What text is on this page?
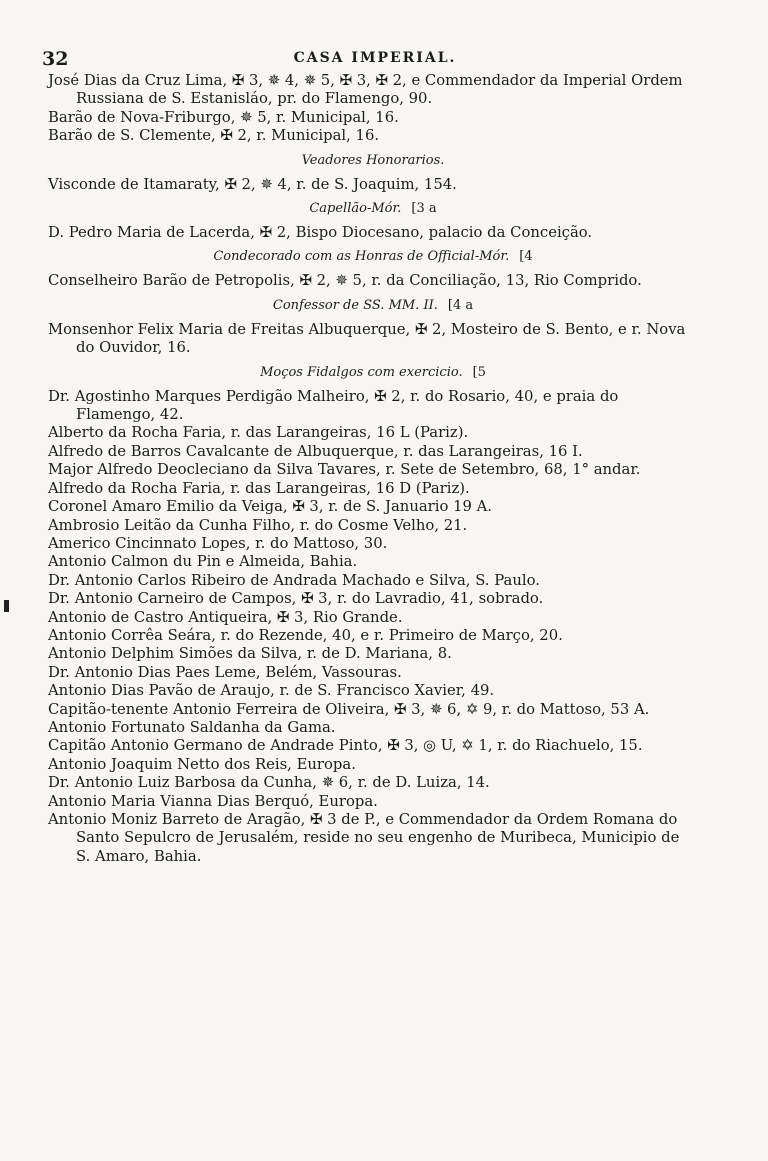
32	CASA IMPERIAL.
José Dias da Cruz Lima, ✠ 3, ✵ 4, ✵ 5, ✠ 3, ✠ 2, e Commendador da Imperial Ordem Russiana de S. Estanisláo, pr. do Flamengo, 90.
Barão de Nova-Friburgo, ✵ 5, r. Municipal, 16.
Barão de S. Clemente, ✠ 2, r. Municipal, 16.
Veadores Honorarios.
Visconde de Itamaraty, ✠ 2, ✵ 4, r. de S. Joaquim, 154.
Capellão-Mór. [3 a
D. Pedro Maria de Lacerda, ✠ 2, Bispo Diocesano, palacio da Conceição.
Condecorado com as Honras de Official-Mór. [4
Conselheiro Barão de Petropolis, ✠ 2, ✵ 5, r. da Conciliação, 13, Rio Comprido.
Confessor de SS. MM. II. [4 a
Monsenhor Felix Maria de Freitas Albuquerque, ✠ 2, Mosteiro de S. Bento, e r. Nova do Ouvidor, 16.
Moços Fidalgos com exercicio. [5
Dr. Agostinho Marques Perdigão Malheiro, ✠ 2, r. do Rosario, 40, e praia do Flamengo, 42.
Alberto da Rocha Faria, r. das Larangeiras, 16 L (Pariz).
Alfredo de Barros Cavalcante de Albuquerque, r. das Larangeiras, 16 I.
Major Alfredo Deocleciano da Silva Tavares, r. Sete de Setembro, 68, 1° andar.
Alfredo da Rocha Faria, r. das Larangeiras, 16 D (Pariz).
Coronel Amaro Emilio da Veiga, ✠ 3, r. de S. Januario 19 A.
Ambrosio Leitão da Cunha Filho, r. do Cosme Velho, 21.
Americo Cincinnato Lopes, r. do Mattoso, 30.
Antonio Calmon du Pin e Almeida, Bahia.
Dr. Antonio Carlos Ribeiro de Andrada Machado e Silva, S. Paulo.
Dr. Antonio Carneiro de Campos, ✠ 3, r. do Lavradio, 41, sobrado.
Antonio de Castro Antiqueira, ✠ 3, Rio Grande.
Antonio Corrêa Seára, r. do Rezende, 40, e r. Primeiro de Março, 20.
Antonio Delphim Simões da Silva, r. de D. Mariana, 8.
Dr. Antonio Dias Paes Leme, Belém, Vassouras.
Antonio Dias Pavão de Araujo, r. de S. Francisco Xavier, 49.
Capitão-tenente Antonio Ferreira de Oliveira, ✠ 3, ✵ 6, ✡ 9, r. do Mattoso, 53 A.
Antonio Fortunato Saldanha da Gama.
Capitão Antonio Germano de Andrade Pinto, ✠ 3, ◎ U, ✡ 1, r. do Riachuelo, 15.
Antonio Joaquim Netto dos Reis, Europa.
Dr. Antonio Luiz Barbosa da Cunha, ✵ 6, r. de D. Luiza, 14.
Antonio Maria Vianna Dias Berquó, Europa.
Antonio Moniz Barreto de Aragão, ✠ 3 de P., e Commendador da Ordem Romana do Santo Sepulcro de Jerusalém, reside no seu engenho de Muribeca, Municipio de S. Amaro, Bahia.
